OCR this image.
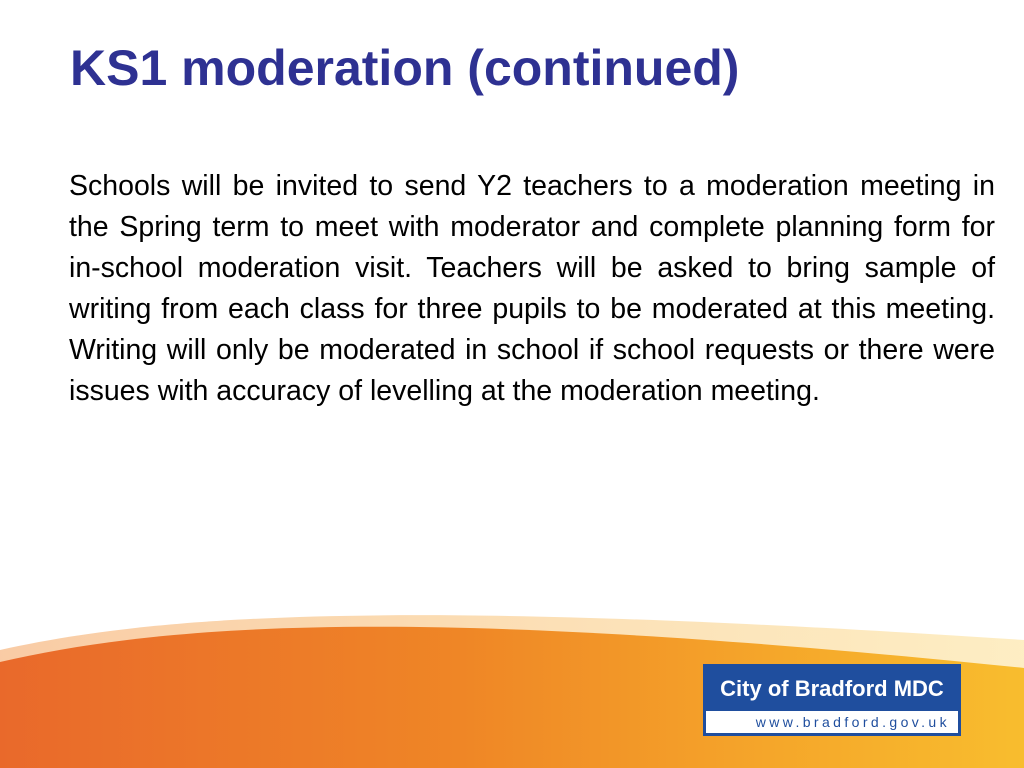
KS1 moderation (continued)

Schools will be invited to send Y2 teachers to a moderation meeting in the Spring term to meet with moderator and complete planning form for in-school moderation visit. Teachers will be asked to bring sample of writing from each class for three pupils to be moderated at this meeting. Writing will only be moderated in school if school requests or there were issues with accuracy of levelling at the moderation meeting.

City of Bradford MDC
www.bradford.gov.uk
